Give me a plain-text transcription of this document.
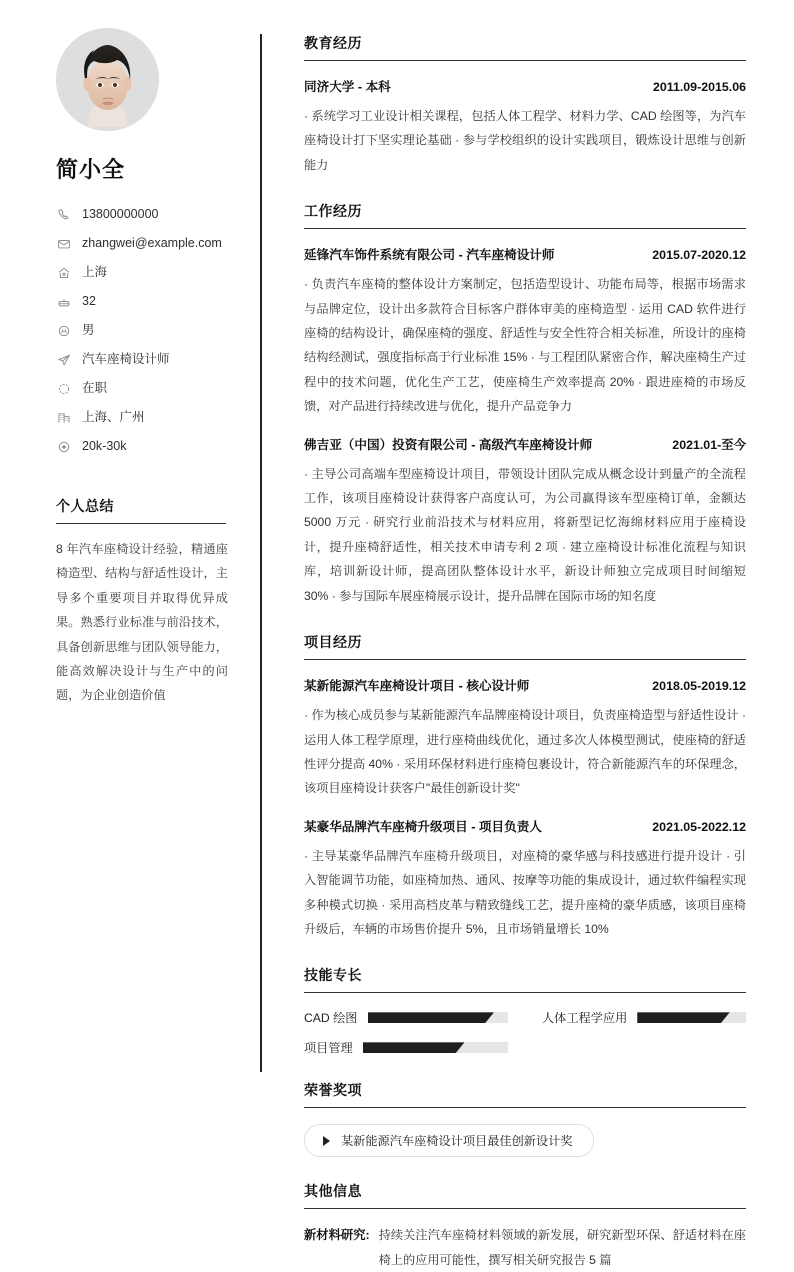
简小全
13800000000
zhangwei@example.com
上海
32
男
汽车座椅设计师
在职
上海、广州
20k-30k
个人总结

8 年汽车座椅设计经验，精通座椅造型、结构与舒适性设计，主导多个重要项目并取得优异成果。熟悉行业标准与前沿技术，具备创新思维与团队领导能力，能高效解决设计与生产中的问题，为企业创造价值

教育经历
同济大学 - 本科	2011.09-2015.06

· 系统学习工业设计相关课程，包括人体工程学、材料力学、CAD 绘图等，为汽车座椅设计打下坚实理论基础 · 参与学校组织的设计实践项目，锻炼设计思维与创新能力

工作经历
延锋汽车饰件系统有限公司 - 汽车座椅设计师	2015.07-2020.12

· 负责汽车座椅的整体设计方案制定，包括造型设计、功能布局等，根据市场需求与品牌定位，设计出多款符合目标客户群体审美的座椅造型 · 运用 CAD 软件进行座椅的结构设计，确保座椅的强度、舒适性与安全性符合相关标准，所设计的座椅结构经测试，强度指标高于行业标准 15% · 与工程团队紧密合作，解决座椅生产过程中的技术问题，优化生产工艺，使座椅生产效率提高 20% · 跟进座椅的市场反馈，对产品进行持续改进与优化，提升产品竞争力

佛吉亚（中国）投资有限公司 - 高级汽车座椅设计师	2021.01-至今

· 主导公司高端车型座椅设计项目，带领设计团队完成从概念设计到量产的全流程工作，该项目座椅设计获得客户高度认可，为公司赢得该车型座椅订单，金额达 5000 万元 · 研究行业前沿技术与材料应用，将新型记忆海绵材料应用于座椅设计，提升座椅舒适性，相关技术申请专利 2 项 · 建立座椅设计标准化流程与知识库，培训新设计师，提高团队整体设计水平，新设计师独立完成项目时间缩短 30% · 参与国际车展座椅展示设计，提升品牌在国际市场的知名度

项目经历
某新能源汽车座椅设计项目 - 核心设计师	2018.05-2019.12

· 作为核心成员参与某新能源汽车品牌座椅设计项目，负责座椅造型与舒适性设计 · 运用人体工程学原理，进行座椅曲线优化，通过多次人体模型测试，使座椅的舒适性评分提高 40% · 采用环保材料进行座椅包裹设计，符合新能源汽车的环保理念，该项目座椅设计获客户"最佳创新设计奖"

某豪华品牌汽车座椅升级项目 - 项目负责人	2021.05-2022.12

· 主导某豪华品牌汽车座椅升级项目，对座椅的豪华感与科技感进行提升设计 · 引入智能调节功能，如座椅加热、通风、按摩等功能的集成设计，通过软件编程实现多种模式切换 · 采用高档皮革与精致缝线工艺，提升座椅的豪华质感，该项目座椅升级后，车辆的市场售价提升 5%，且市场销量增长 10%

技能专长
CAD 绘图	人体工程学应用
项目管理
荣誉奖项
某新能源汽车座椅设计项目最佳创新设计奖
其他信息
新材料研究: 持续关注汽车座椅材料领域的新发展，研究新型环保、舒适材料在座椅上的应用可能性，撰写相关研究报告 5 篇
